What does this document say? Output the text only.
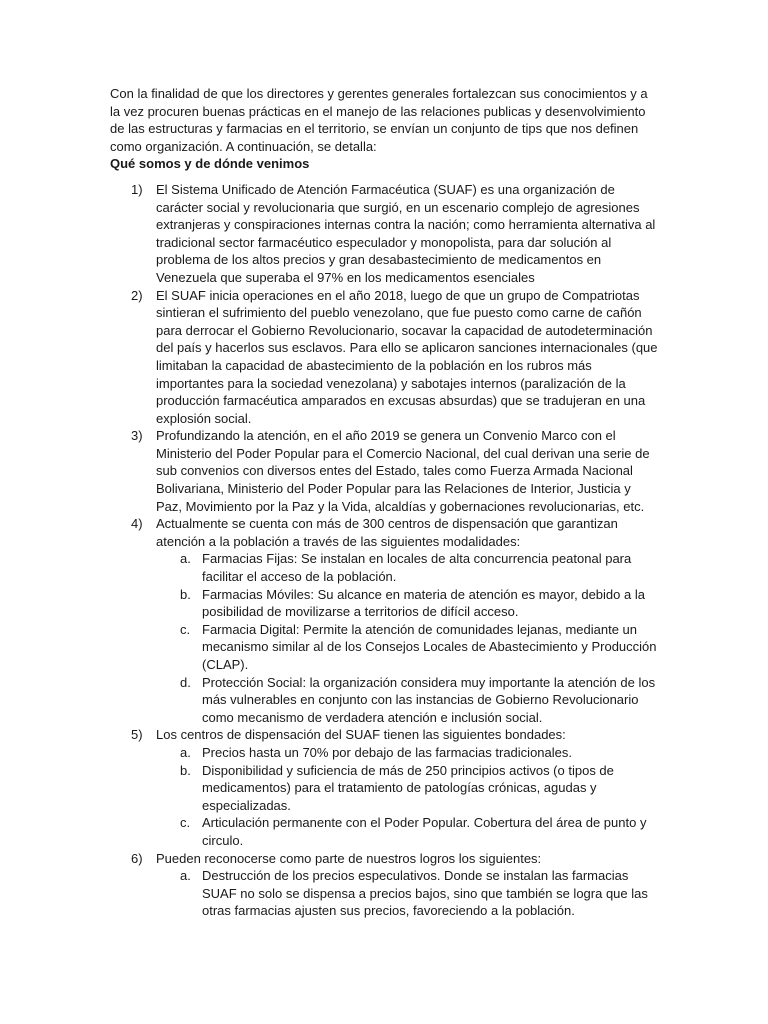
Con la finalidad de que los directores y gerentes generales fortalezcan sus conocimientos y a la vez procuren buenas prácticas en el manejo de las relaciones publicas y desenvolvimiento de las estructuras y farmacias en el territorio, se envían un conjunto de tips que nos definen como organización. A continuación, se detalla:

Qué somos y de dónde venimos

1) El Sistema Unificado de Atención Farmacéutica (SUAF) es una organización de carácter social y revolucionaria que surgió, en un escenario complejo de agresiones extranjeras y conspiraciones internas contra la nación; como herramienta alternativa al tradicional sector farmacéutico especulador y monopolista, para dar solución al problema de los altos precios y gran desabastecimiento de medicamentos en Venezuela que superaba el 97% en los medicamentos esenciales
2) El SUAF inicia operaciones en el año 2018, luego de que un grupo de Compatriotas sintieran el sufrimiento del pueblo venezolano, que fue puesto como carne de cañón para derrocar el Gobierno Revolucionario, socavar la capacidad de autodeterminación del país y hacerlos sus esclavos. Para ello se aplicaron sanciones internacionales (que limitaban la capacidad de abastecimiento de la población en los rubros más importantes para la sociedad venezolana) y sabotajes internos (paralización de la producción farmacéutica amparados en excusas absurdas) que se tradujeran en una explosión social.
3) Profundizando la atención, en el año 2019 se genera un Convenio Marco con el Ministerio del Poder Popular para el Comercio Nacional, del cual derivan una serie de sub convenios con diversos entes del Estado, tales como Fuerza Armada Nacional Bolivariana, Ministerio del Poder Popular para las Relaciones de Interior, Justicia y Paz, Movimiento por la Paz y la Vida, alcaldías y gobernaciones revolucionarias, etc.
4) Actualmente se cuenta con más de 300 centros de dispensación que garantizan atención a la población a través de las siguientes modalidades:
a. Farmacias Fijas: Se instalan en locales de alta concurrencia peatonal para facilitar el acceso de la población.
b. Farmacias Móviles: Su alcance en materia de atención es mayor, debido a la posibilidad de movilizarse a territorios de difícil acceso.
c. Farmacia Digital: Permite la atención de comunidades lejanas, mediante un mecanismo similar al de los Consejos Locales de Abastecimiento y Producción (CLAP).
d. Protección Social: la organización considera muy importante la atención de los más vulnerables en conjunto con las instancias de Gobierno Revolucionario como mecanismo de verdadera atención e inclusión social.
5) Los centros de dispensación del SUAF tienen las siguientes bondades:
a. Precios hasta un 70% por debajo de las farmacias tradicionales.
b. Disponibilidad y suficiencia de más de 250 principios activos (o tipos de medicamentos) para el tratamiento de patologías crónicas, agudas y especializadas.
c. Articulación permanente con el Poder Popular. Cobertura del área de punto y circulo.
6) Pueden reconocerse como parte de nuestros logros los siguientes:
a. Destrucción de los precios especulativos. Donde se instalan las farmacias SUAF no solo se dispensa a precios bajos, sino que también se logra que las otras farmacias ajusten sus precios, favoreciendo a la población.
